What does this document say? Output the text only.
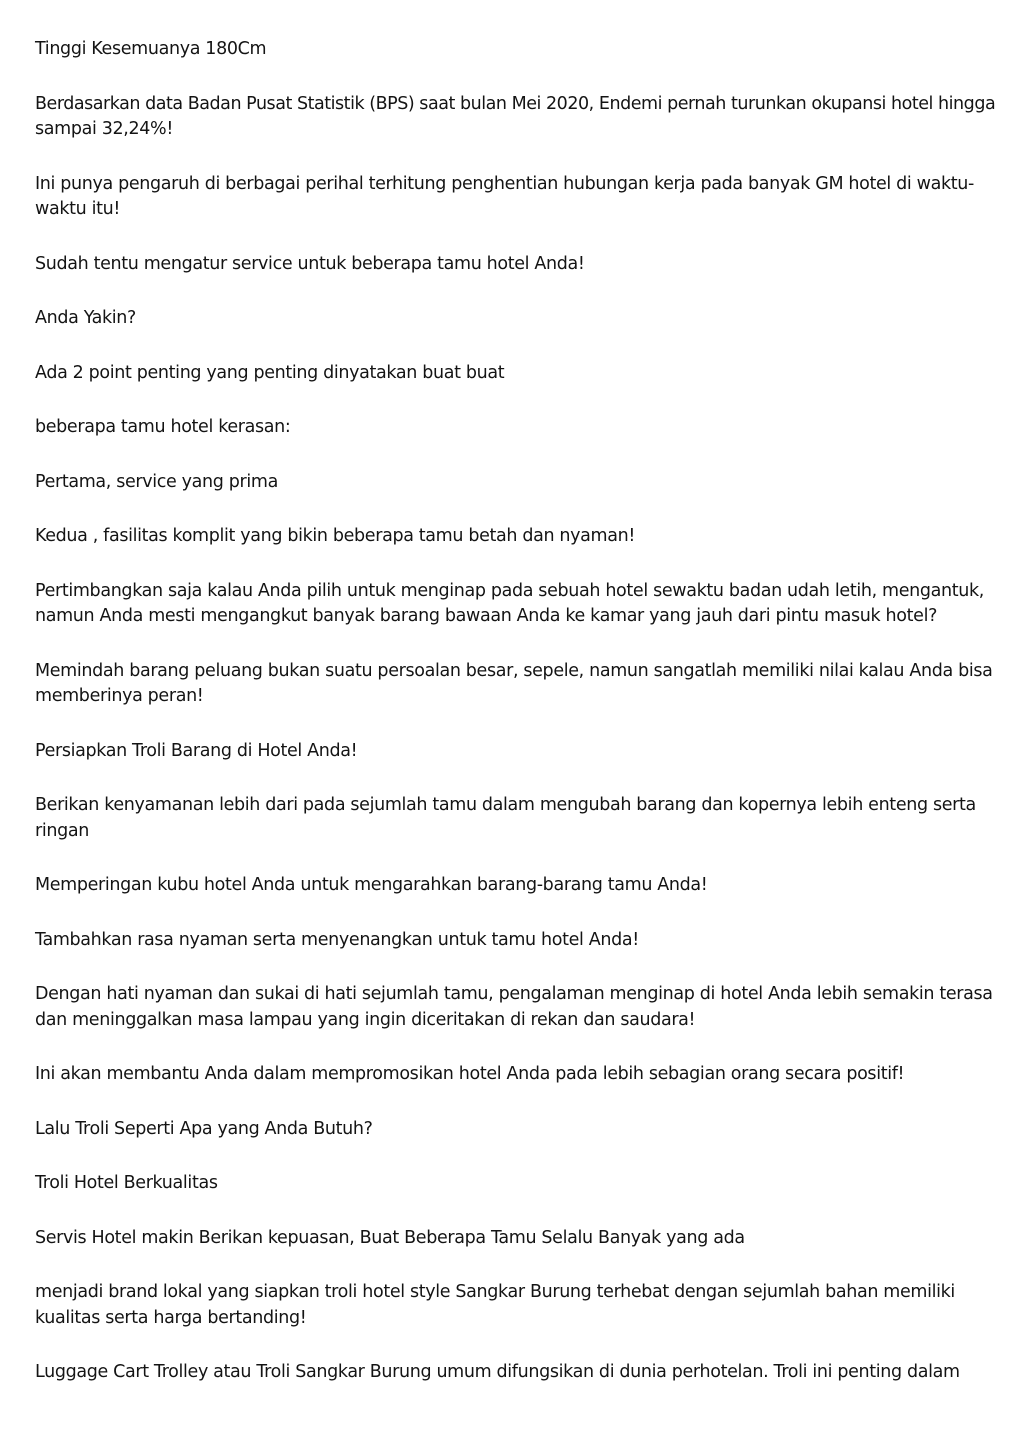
Tinggi Kesemuanya 180Cm

Berdasarkan data Badan Pusat Statistik (BPS) saat bulan Mei 2020, Endemi pernah turunkan okupansi hotel hingga
sampai 32,24%!

Ini punya pengaruh di berbagai perihal terhitung penghentian hubungan kerja pada banyak GM hotel di waktu-
waktu itu!

Sudah tentu mengatur service untuk beberapa tamu hotel Anda!

Anda Yakin?

Ada 2 point penting yang penting dinyatakan buat buat

beberapa tamu hotel kerasan:

Pertama, service yang prima

Kedua , fasilitas komplit yang bikin beberapa tamu betah dan nyaman!

Pertimbangkan saja kalau Anda pilih untuk menginap pada sebuah hotel sewaktu badan udah letih, mengantuk,
namun Anda mesti mengangkut banyak barang bawaan Anda ke kamar yang jauh dari pintu masuk hotel?

Memindah barang peluang bukan suatu persoalan besar, sepele, namun sangatlah memiliki nilai kalau Anda bisa
memberinya peran!

Persiapkan Troli Barang di Hotel Anda!

Berikan kenyamanan lebih dari pada sejumlah tamu dalam mengubah barang dan kopernya lebih enteng serta
ringan

Memperingan kubu hotel Anda untuk mengarahkan barang-barang tamu Anda!

Tambahkan rasa nyaman serta menyenangkan untuk tamu hotel Anda!

Dengan hati nyaman dan sukai di hati sejumlah tamu, pengalaman menginap di hotel Anda lebih semakin terasa
dan meninggalkan masa lampau yang ingin diceritakan di rekan dan saudara!

Ini akan membantu Anda dalam mempromosikan hotel Anda pada lebih sebagian orang secara positif!

Lalu Troli Seperti Apa yang Anda Butuh?

Troli Hotel Berkualitas

Servis Hotel makin Berikan kepuasan, Buat Beberapa Tamu Selalu Banyak yang ada

menjadi brand lokal yang siapkan troli hotel style Sangkar Burung terhebat dengan sejumlah bahan memiliki
kualitas serta harga bertanding!

Luggage Cart Trolley atau Troli Sangkar Burung umum difungsikan di dunia perhotelan. Troli ini penting dalam
